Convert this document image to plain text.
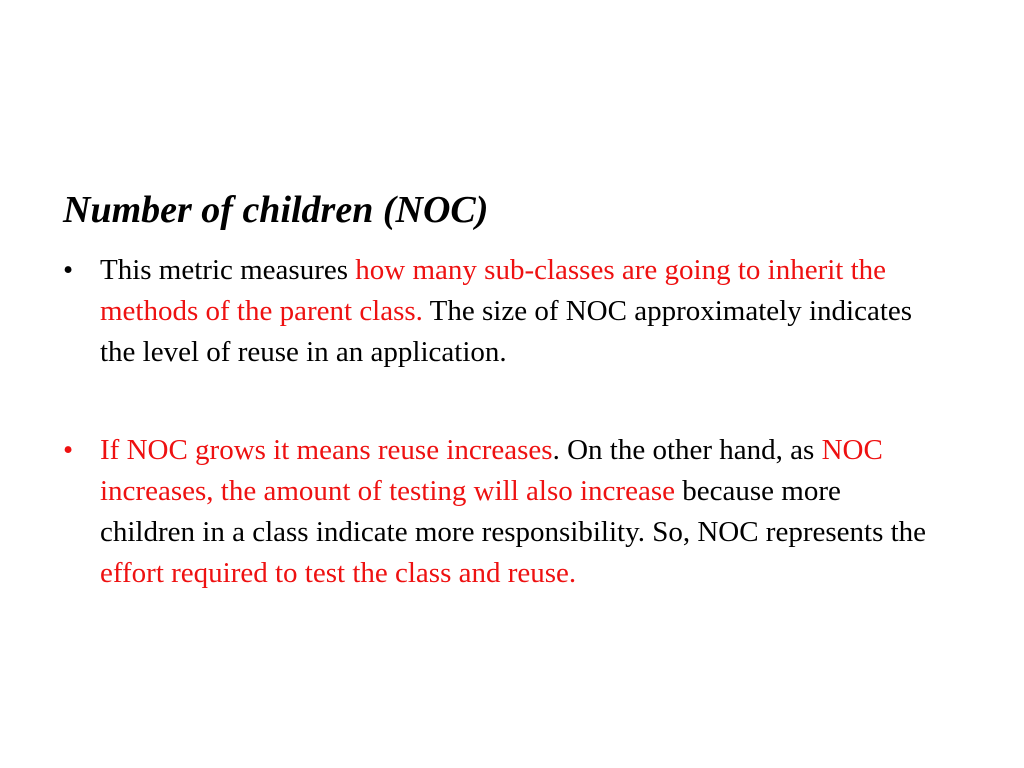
Number of children (NOC)
• This metric measures how many sub-classes are going to inherit the methods of the parent class. The size of NOC approximately indicates the level of reuse in an application.
• If NOC grows it means reuse increases. On the other hand, as NOC increases, the amount of testing will also increase because more children in a class indicate more responsibility. So, NOC represents the effort required to test the class and reuse.
